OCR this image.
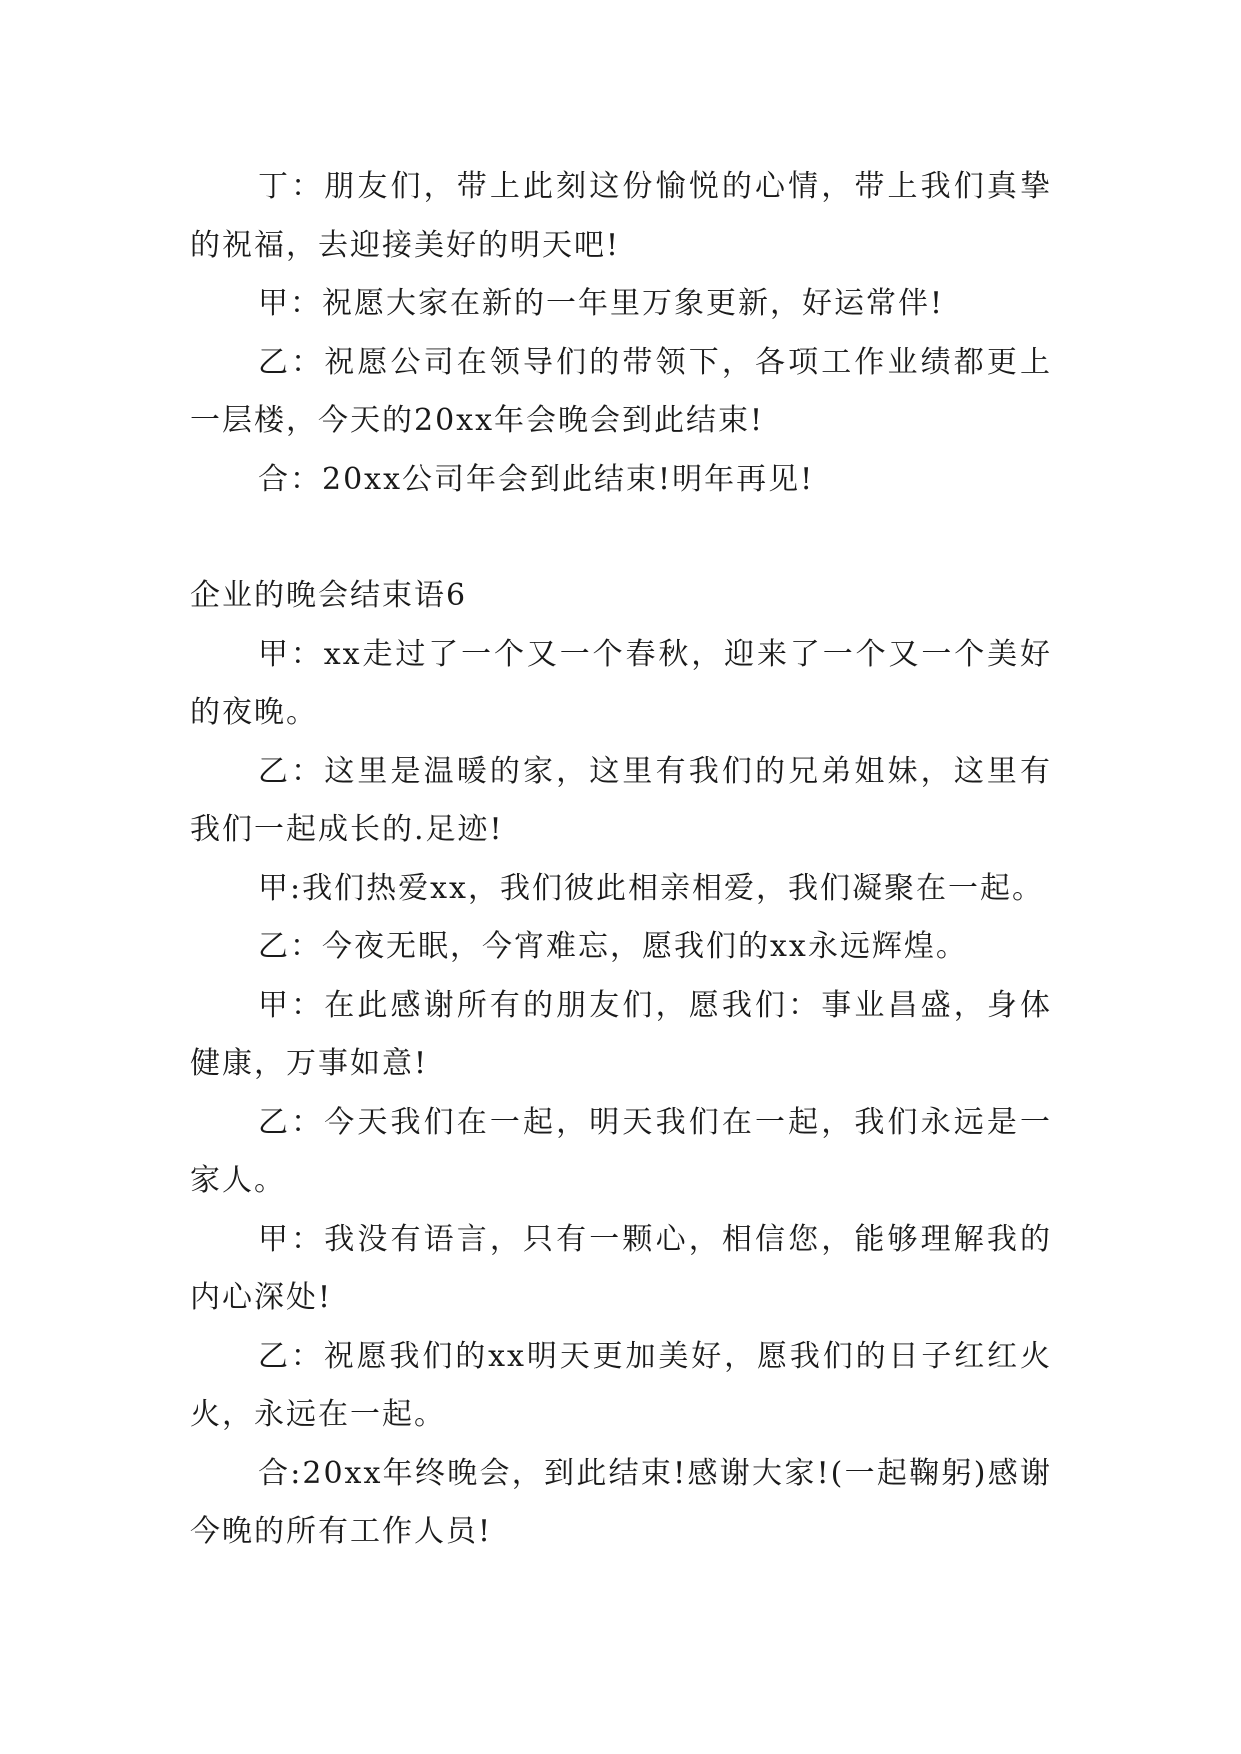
丁：朋友们，带上此刻这份愉悦的心情，带上我们真挚的祝福，去迎接美好的明天吧!

甲：祝愿大家在新的一年里万象更新，好运常伴!

乙：祝愿公司在领导们的带领下，各项工作业绩都更上一层楼，今天的20xx年会晚会到此结束!

合：20xx公司年会到此结束!明年再见!

企业的晚会结束语6

甲：xx走过了一个又一个春秋，迎来了一个又一个美好的夜晚。

乙：这里是温暖的家，这里有我们的兄弟姐妹，这里有我们一起成长的.足迹!

甲:我们热爱xx，我们彼此相亲相爱，我们凝聚在一起。

乙：今夜无眠，今宵难忘，愿我们的xx永远辉煌。

甲：在此感谢所有的朋友们，愿我们：事业昌盛，身体健康，万事如意!

乙：今天我们在一起，明天我们在一起，我们永远是一家人。

甲：我没有语言，只有一颗心，相信您，能够理解我的内心深处!

乙：祝愿我们的xx明天更加美好，愿我们的日子红红火火，永远在一起。

合:20xx年终晚会，到此结束!感谢大家!(一起鞠躬)感谢今晚的所有工作人员!
